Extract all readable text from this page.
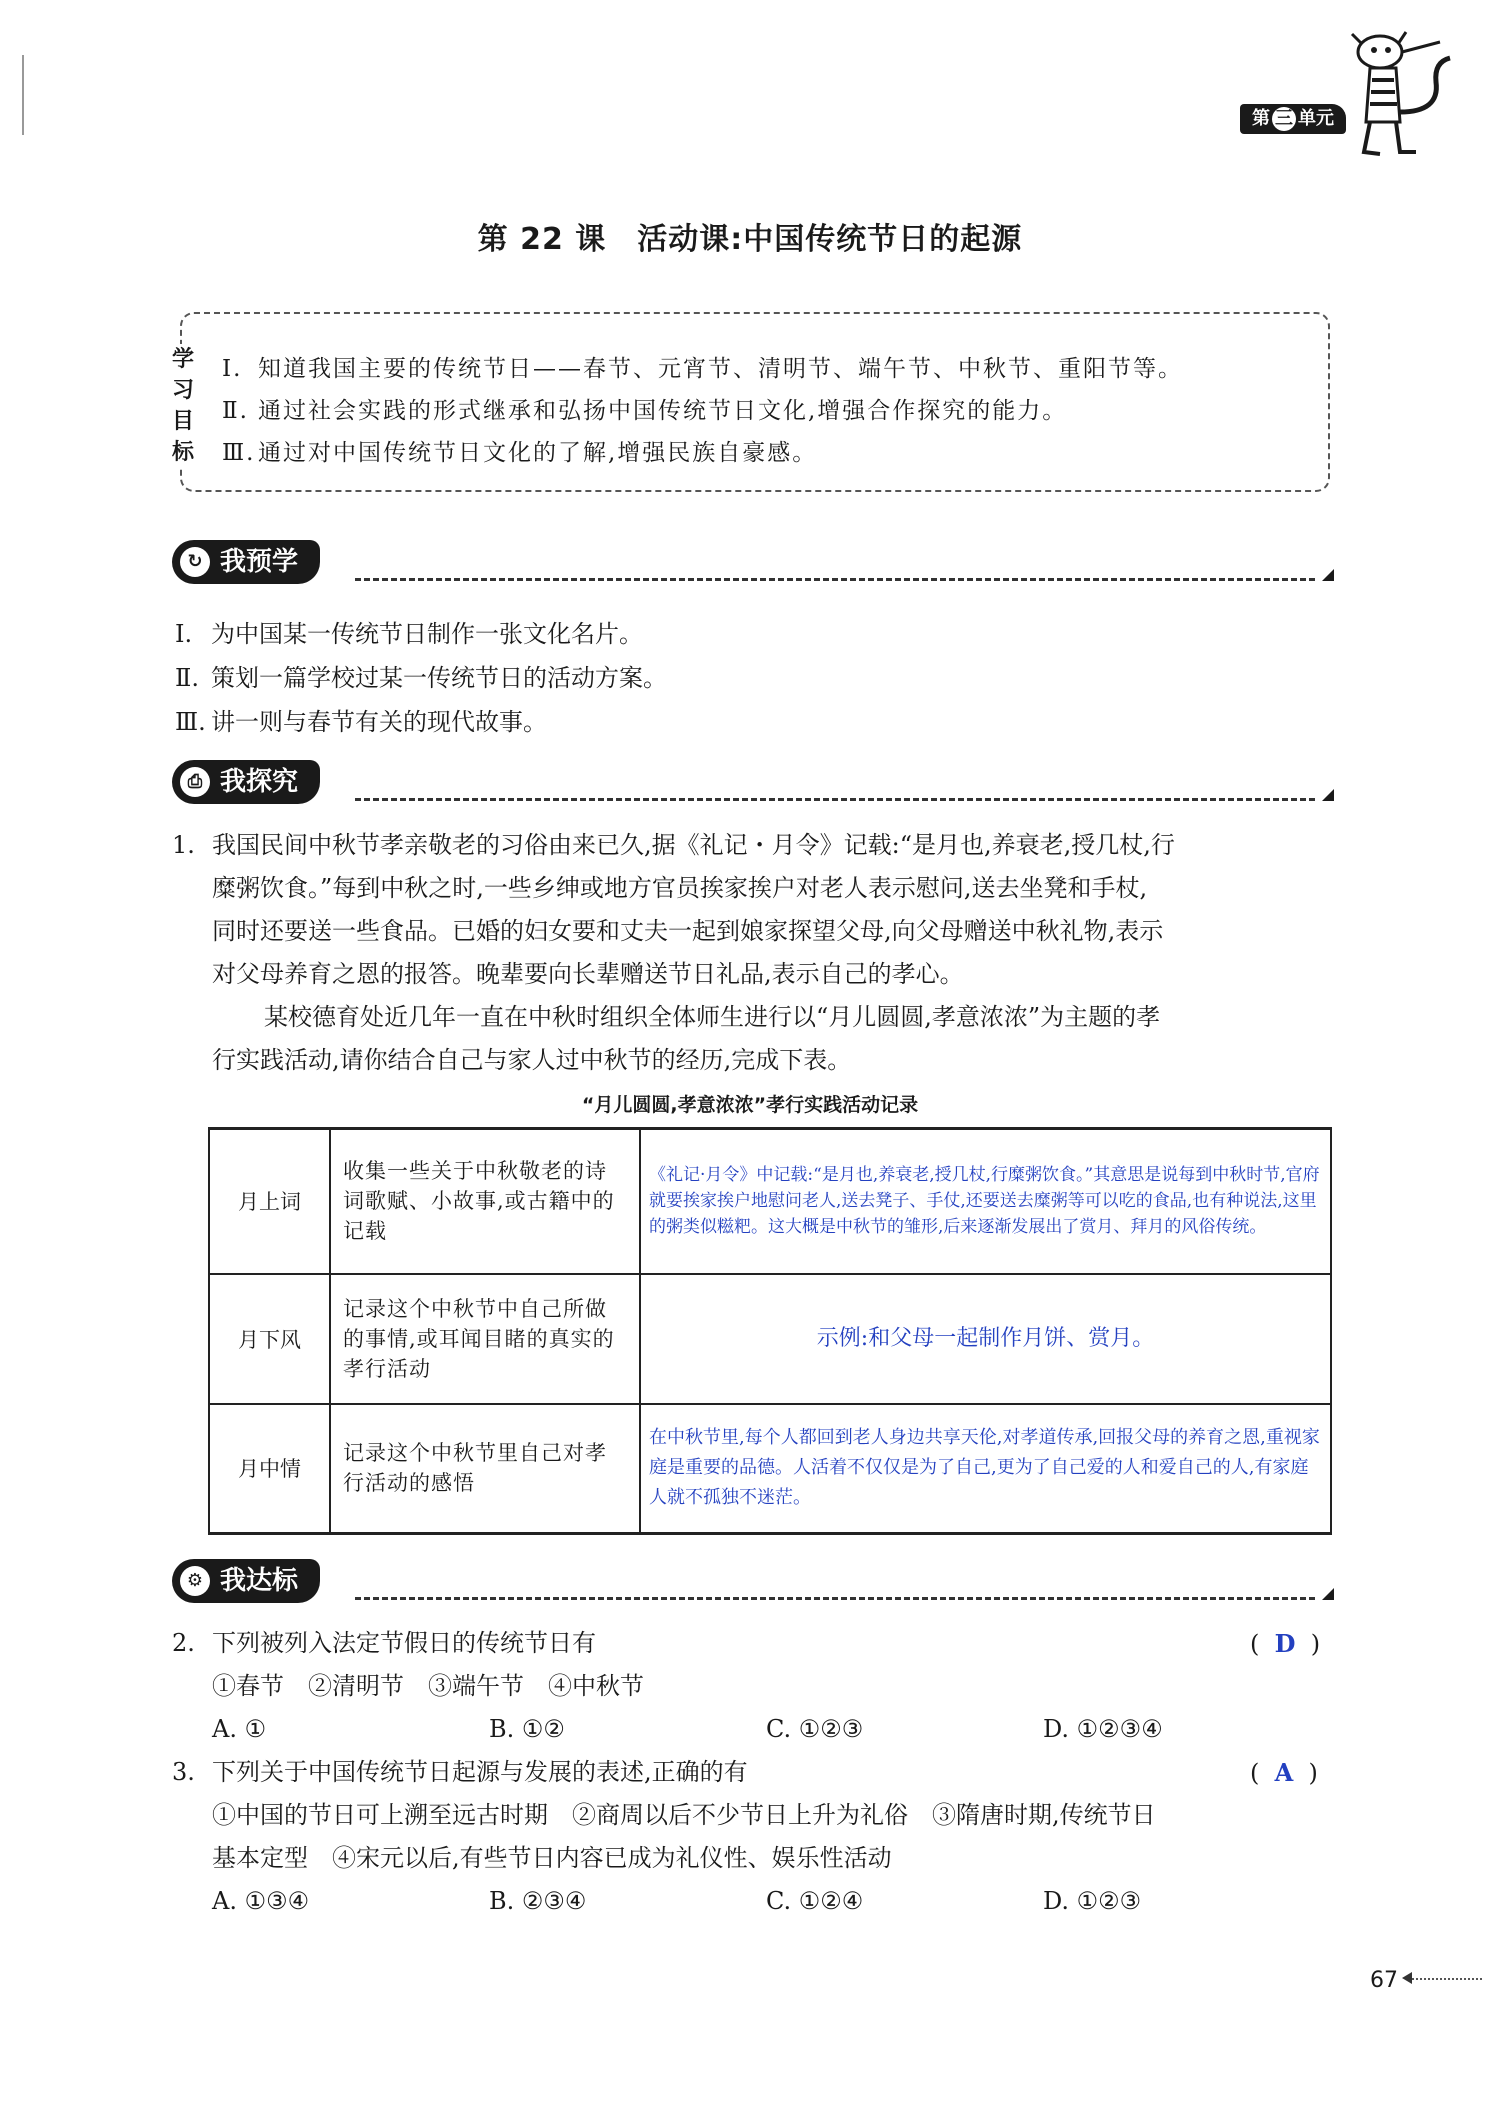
第 三 单元
第 22 课　活动课:中国传统节日的起源
学
习
目
标
Ⅰ. 知道我国主要的传统节日——春节、元宵节、清明节、端午节、中秋节、重阳节等。
Ⅱ. 通过社会实践的形式继承和弘扬中国传统节日文化,增强合作探究的能力。
Ⅲ. 通过对中国传统节日文化的了解,增强民族自豪感。
↻ 我预学
Ⅰ. 为中国某一传统节日制作一张文化名片。
Ⅱ. 策划一篇学校过某一传统节日的活动方案。
Ⅲ. 讲一则与春节有关的现代故事。
⎙ 我探究
1. 我国民间中秋节孝亲敬老的习俗由来已久,据《礼记・月令》记载:“是月也,养衰老,授几杖,行
糜粥饮食。”每到中秋之时,一些乡绅或地方官员挨家挨户对老人表示慰问,送去坐凳和手杖,
同时还要送一些食品。已婚的妇女要和丈夫一起到娘家探望父母,向父母赠送中秋礼物,表示
对父母养育之恩的报答。晚辈要向长辈赠送节日礼品,表示自己的孝心。
某校德育处近几年一直在中秋时组织全体师生进行以“月儿圆圆,孝意浓浓”为主题的孝
行实践活动,请你结合自己与家人过中秋节的经历,完成下表。
“月儿圆圆,孝意浓浓”孝行实践活动记录
月上词	收集一些关于中秋敬老的诗词歌赋、小故事,或古籍中的记载	《礼记·月令》中记载:“是月也,养衰老,授几杖,行糜粥饮食。”其意思是说每到中秋时节,官府就要挨家挨户地慰问老人,送去凳子、手仗,还要送去糜粥等可以吃的食品,也有种说法,这里的粥类似糍粑。这大概是中秋节的雏形,后来逐渐发展出了赏月、拜月的风俗传统。
月下风	记录这个中秋节中自己所做的事情,或耳闻目睹的真实的孝行活动	示例:和父母一起制作月饼、赏月。
月中情	记录这个中秋节里自己对孝行活动的感悟	在中秋节里,每个人都回到老人身边共享天伦,对孝道传承,回报父母的养育之恩,重视家庭是重要的品德。人活着不仅仅是为了自己,更为了自己爱的人和爱自己的人,有家庭人就不孤独不迷茫。
⚙ 我达标
2. 下列被列入法定节假日的传统节日有	(  D  )
①春节　②清明节　③端午节　④中秋节
A. ①	B. ①②	C. ①②③	D. ①②③④
3. 下列关于中国传统节日起源与发展的表述,正确的有	(  A  )
①中国的节日可上溯至远古时期　②商周以后不少节日上升为礼俗　③隋唐时期,传统节日
基本定型　④宋元以后,有些节日内容已成为礼仪性、娱乐性活动
A. ①③④	B. ②③④	C. ①②④	D. ①②③
67
